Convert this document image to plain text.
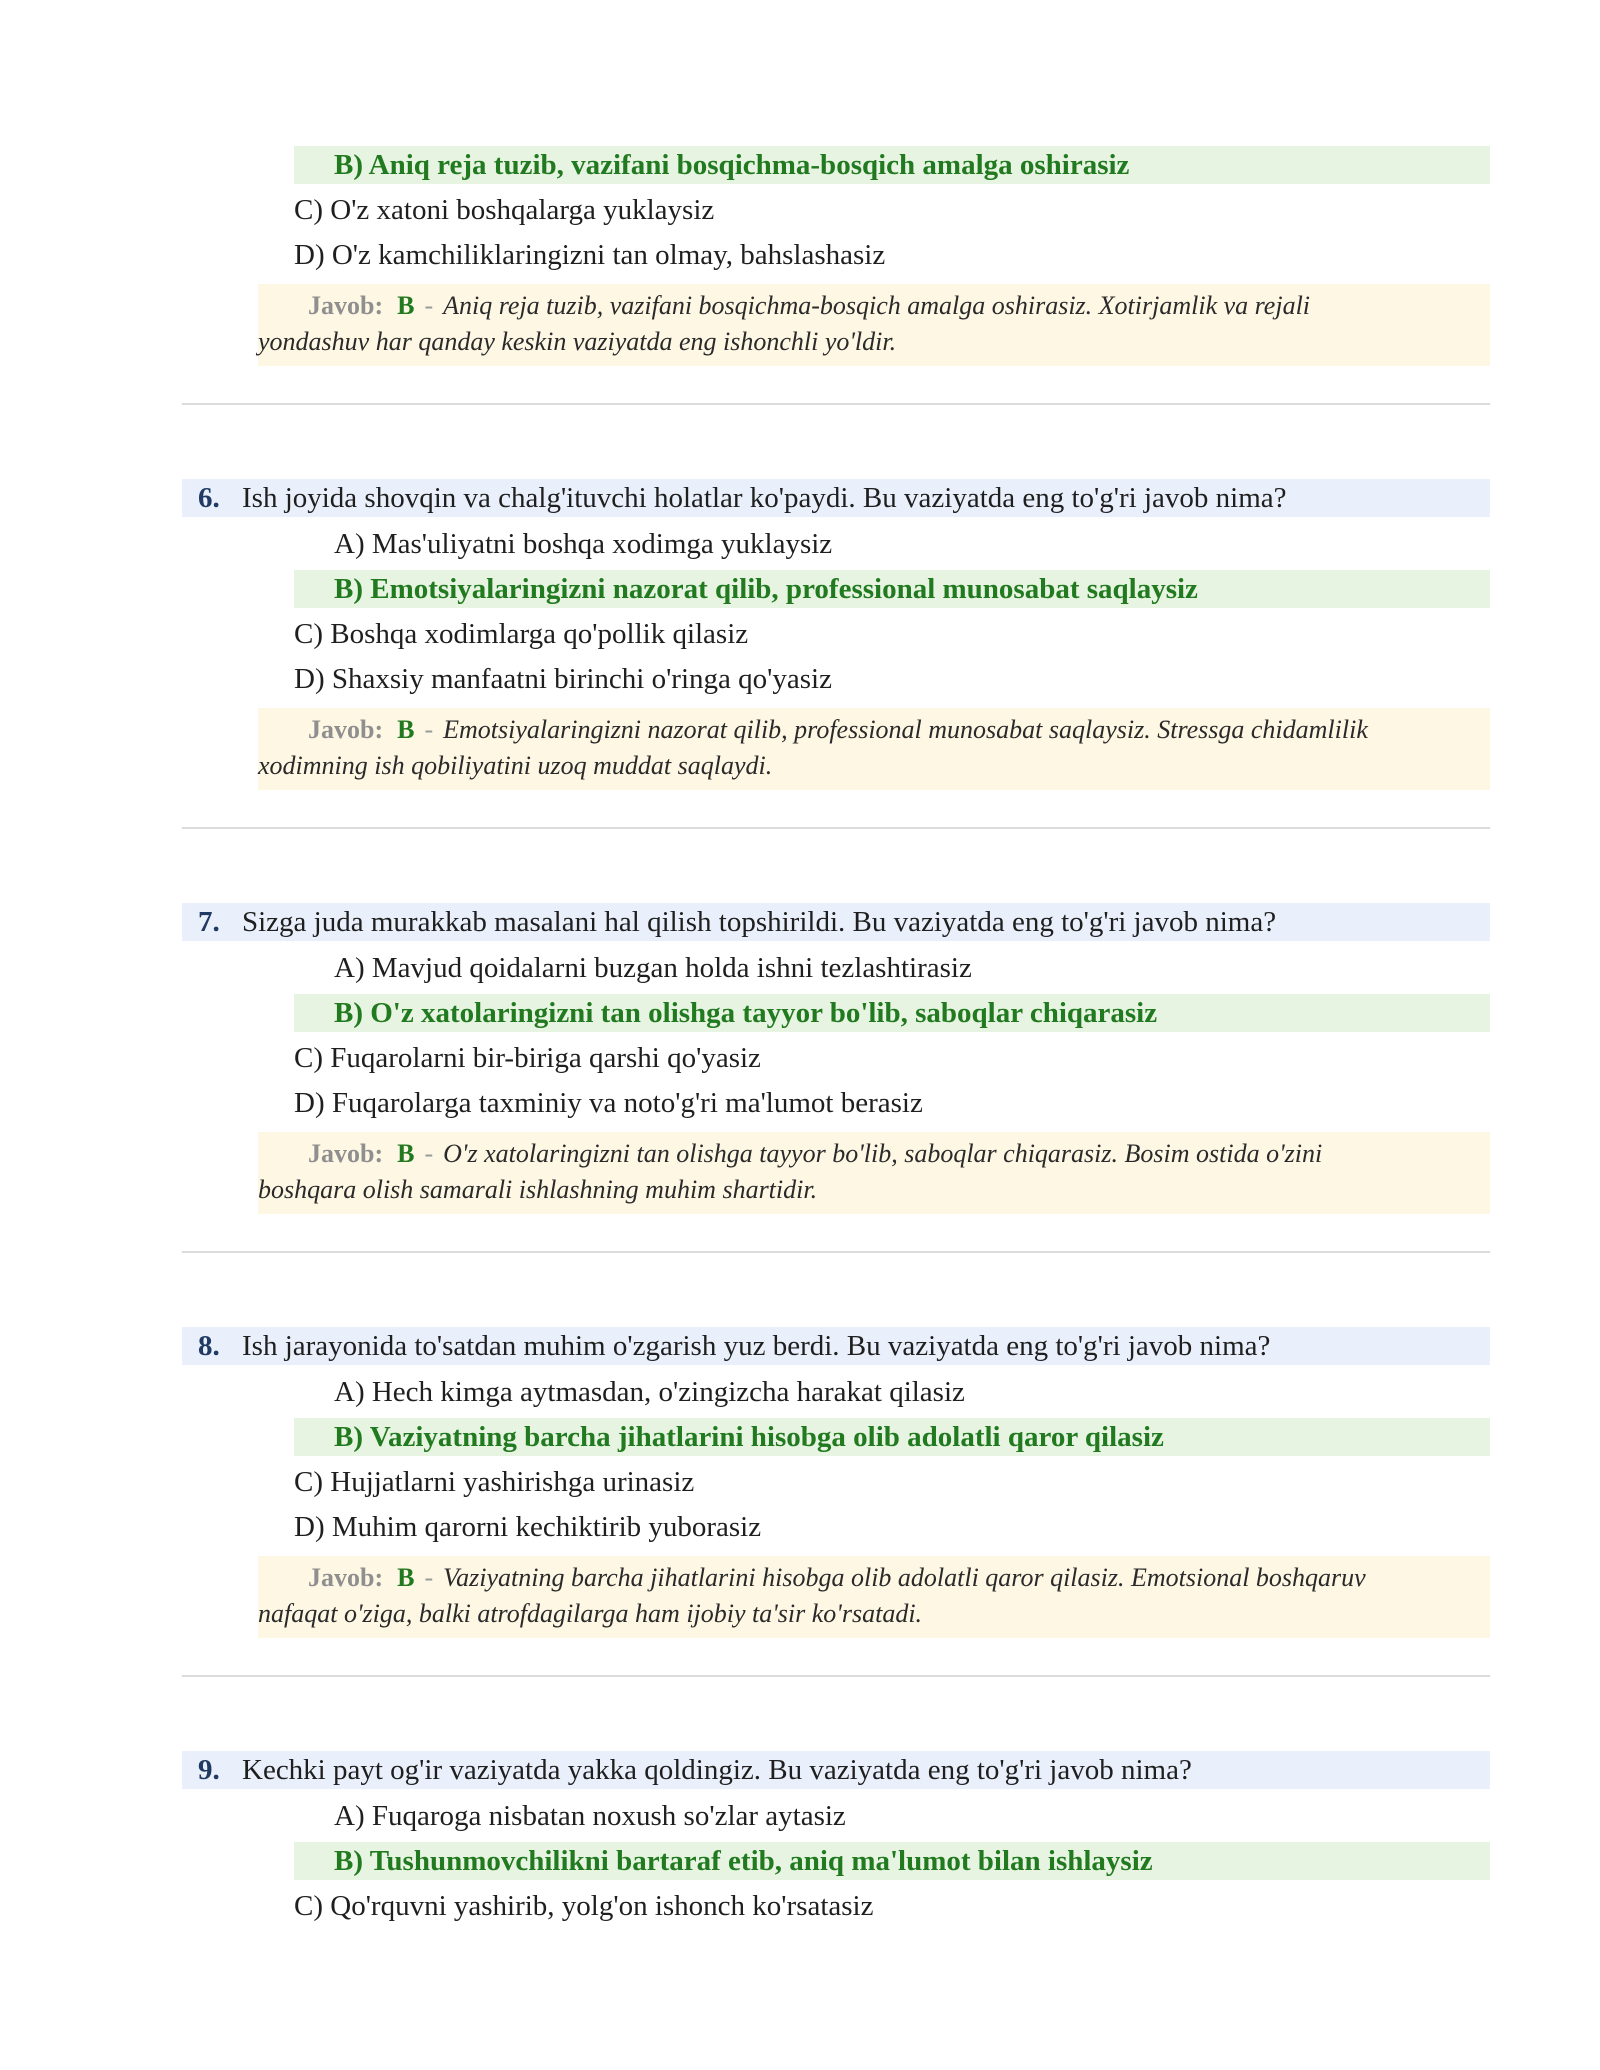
B) Aniq reja tuzib, vazifani bosqichma-bosqich amalga oshirasiz
C) O'z xatoni boshqalarga yuklaysiz
D) O'z kamchiliklaringizni tan olmay, bahslashasiz
Javob: B - Aniq reja tuzib, vazifani bosqichma-bosqich amalga oshirasiz. Xotirjamlik va rejali
yondashuv har qanday keskin vaziyatda eng ishonchli yo'ldir.
6. Ish joyida shovqin va chalg'ituvchi holatlar ko'paydi. Bu vaziyatda eng to'g'ri javob nima?
A) Mas'uliyatni boshqa xodimga yuklaysiz
B) Emotsiyalaringizni nazorat qilib, professional munosabat saqlaysiz
C) Boshqa xodimlarga qo'pollik qilasiz
D) Shaxsiy manfaatni birinchi o'ringa qo'yasiz
Javob: B - Emotsiyalaringizni nazorat qilib, professional munosabat saqlaysiz. Stressga chidamlilik
xodimning ish qobiliyatini uzoq muddat saqlaydi.
7. Sizga juda murakkab masalani hal qilish topshirildi. Bu vaziyatda eng to'g'ri javob nima?
A) Mavjud qoidalarni buzgan holda ishni tezlashtirasiz
B) O'z xatolaringizni tan olishga tayyor bo'lib, saboqlar chiqarasiz
C) Fuqarolarni bir-biriga qarshi qo'yasiz
D) Fuqarolarga taxminiy va noto'g'ri ma'lumot berasiz
Javob: B - O'z xatolaringizni tan olishga tayyor bo'lib, saboqlar chiqarasiz. Bosim ostida o'zini
boshqara olish samarali ishlashning muhim shartidir.
8. Ish jarayonida to'satdan muhim o'zgarish yuz berdi. Bu vaziyatda eng to'g'ri javob nima?
A) Hech kimga aytmasdan, o'zingizcha harakat qilasiz
B) Vaziyatning barcha jihatlarini hisobga olib adolatli qaror qilasiz
C) Hujjatlarni yashirishga urinasiz
D) Muhim qarorni kechiktirib yuborasiz
Javob: B - Vaziyatning barcha jihatlarini hisobga olib adolatli qaror qilasiz. Emotsional boshqaruv
nafaqat o'ziga, balki atrofdagilarga ham ijobiy ta'sir ko'rsatadi.
9. Kechki payt og'ir vaziyatda yakka qoldingiz. Bu vaziyatda eng to'g'ri javob nima?
A) Fuqaroga nisbatan noxush so'zlar aytasiz
B) Tushunmovchilikni bartaraf etib, aniq ma'lumot bilan ishlaysiz
C) Qo'rquvni yashirib, yolg'on ishonch ko'rsatasiz
